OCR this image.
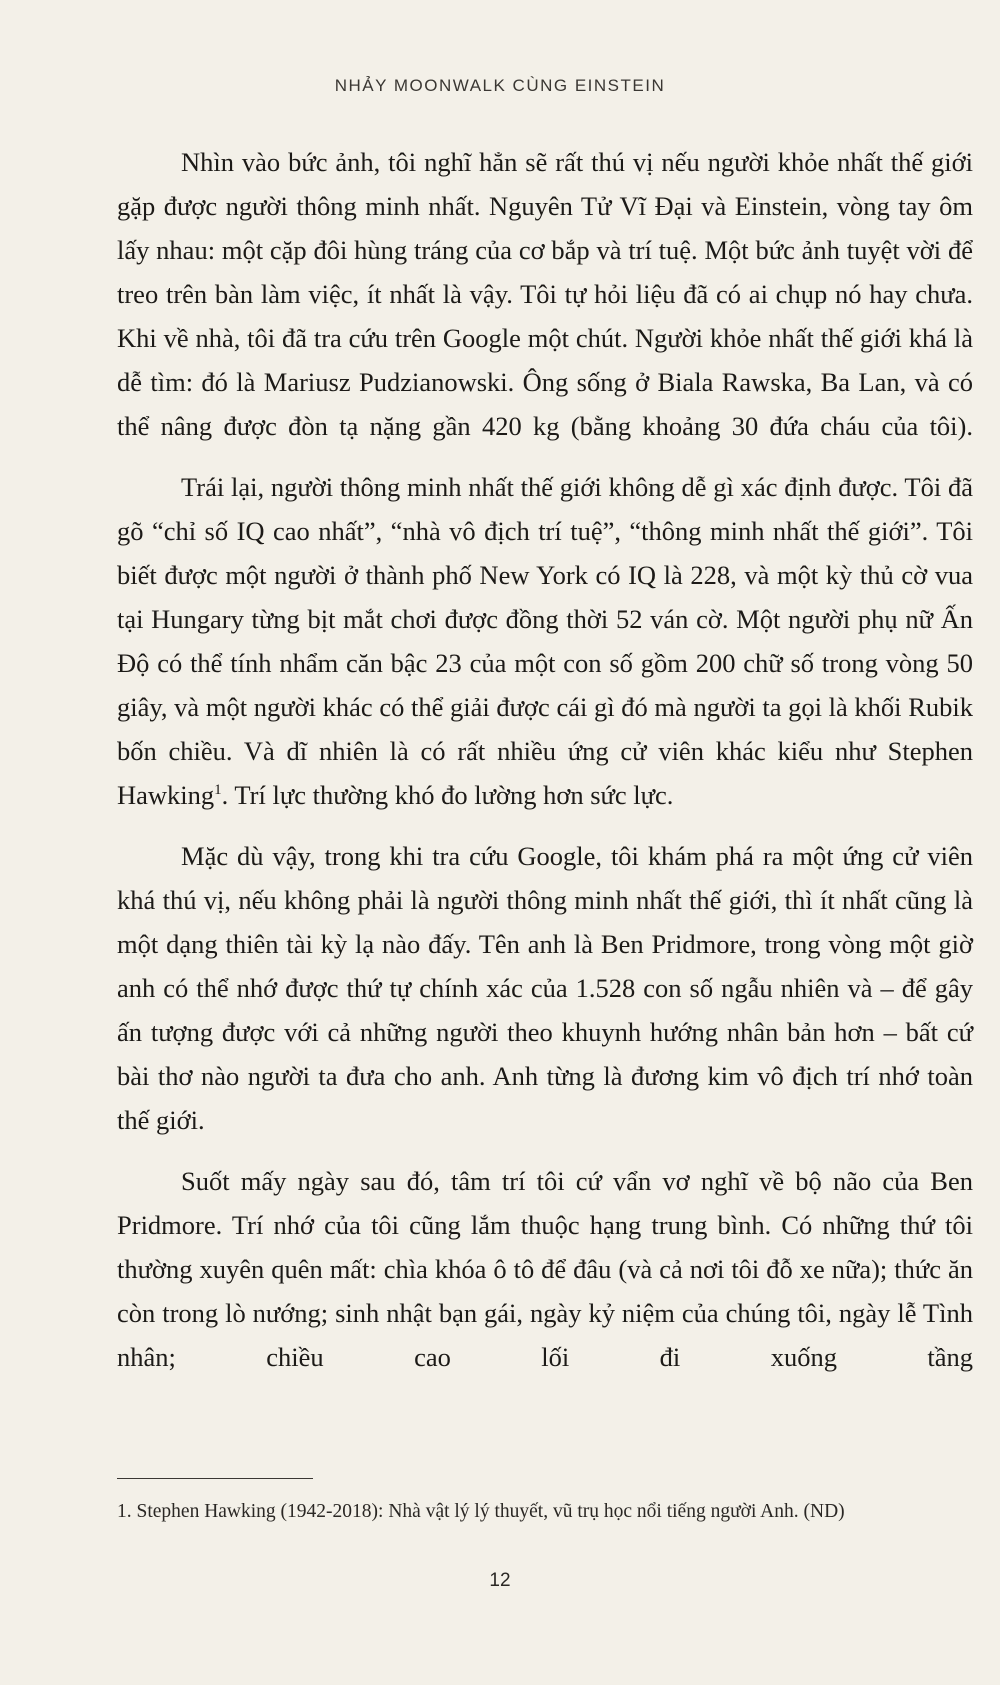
NHẢY MOONWALK CÙNG EINSTEIN

Nhìn vào bức ảnh, tôi nghĩ hẳn sẽ rất thú vị nếu người khỏe nhất thế giới gặp được người thông minh nhất. Nguyên Tử Vĩ Đại và Einstein, vòng tay ôm lấy nhau: một cặp đôi hùng tráng của cơ bắp và trí tuệ. Một bức ảnh tuyệt vời để treo trên bàn làm việc, ít nhất là vậy. Tôi tự hỏi liệu đã có ai chụp nó hay chưa. Khi về nhà, tôi đã tra cứu trên Google một chút. Người khỏe nhất thế giới khá là dễ tìm: đó là Mariusz Pudzianowski. Ông sống ở Biala Rawska, Ba Lan, và có thể nâng được đòn tạ nặng gần 420 kg (bằng khoảng 30 đứa cháu của tôi).

Trái lại, người thông minh nhất thế giới không dễ gì xác định được. Tôi đã gõ “chỉ số IQ cao nhất”, “nhà vô địch trí tuệ”, “thông minh nhất thế giới”. Tôi biết được một người ở thành phố New York có IQ là 228, và một kỳ thủ cờ vua tại Hungary từng bịt mắt chơi được đồng thời 52 ván cờ. Một người phụ nữ Ấn Độ có thể tính nhẩm căn bậc 23 của một con số gồm 200 chữ số trong vòng 50 giây, và một người khác có thể giải được cái gì đó mà người ta gọi là khối Rubik bốn chiều. Và dĩ nhiên là có rất nhiều ứng cử viên khác kiểu như Stephen Hawking$^1$. Trí lực thường khó đo lường hơn sức lực.

Mặc dù vậy, trong khi tra cứu Google, tôi khám phá ra một ứng cử viên khá thú vị, nếu không phải là người thông minh nhất thế giới, thì ít nhất cũng là một dạng thiên tài kỳ lạ nào đấy. Tên anh là Ben Pridmore, trong vòng một giờ anh có thể nhớ được thứ tự chính xác của 1.528 con số ngẫu nhiên và – để gây ấn tượng được với cả những người theo khuynh hướng nhân bản hơn – bất cứ bài thơ nào người ta đưa cho anh. Anh từng là đương kim vô địch trí nhớ toàn thế giới.

Suốt mấy ngày sau đó, tâm trí tôi cứ vẩn vơ nghĩ về bộ não của Ben Pridmore. Trí nhớ của tôi cũng lắm thuộc hạng trung bình. Có những thứ tôi thường xuyên quên mất: chìa khóa ô tô để đâu (và cả nơi tôi đỗ xe nữa); thức ăn còn trong lò nướng; sinh nhật bạn gái, ngày kỷ niệm của chúng tôi, ngày lễ Tình nhân; chiều cao lối đi xuống tầng

1. Stephen Hawking (1942-2018): Nhà vật lý lý thuyết, vũ trụ học nổi tiếng người Anh. (ND)
12
